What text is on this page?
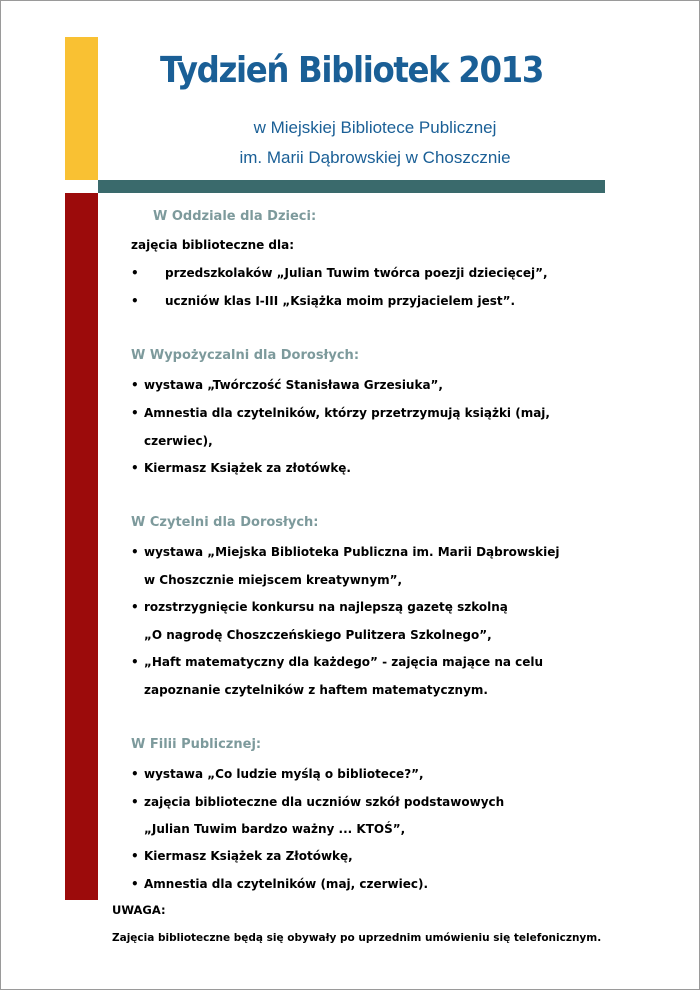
Tydzień Bibliotek 2013
w Miejskiej Bibliotece Publicznej
im. Marii Dąbrowskiej w Choszcznie
W Oddziale dla Dzieci:
zajęcia biblioteczne dla:
• przedszkolaków „Julian Tuwim twórca poezji dziecięcej”,
• uczniów klas I-III „Książka moim przyjacielem jest”.
W Wypożyczalni dla Dorosłych:
• wystawa „Twórczość Stanisława Grzesiuka”,
• Amnestia dla czytelników, którzy przetrzymują książki (maj,
czerwiec),
• Kiermasz Książek za złotówkę.
W Czytelni dla Dorosłych:
• wystawa „Miejska Biblioteka Publiczna im. Marii Dąbrowskiej
w Choszcznie miejscem kreatywnym”,
• rozstrzygnięcie konkursu na najlepszą gazetę szkolną
„O nagrodę Choszczeńskiego Pulitzera Szkolnego”,
• „Haft matematyczny dla każdego” - zajęcia mające na celu
zapoznanie czytelników z haftem matematycznym.
W Filii Publicznej:
• wystawa „Co ludzie myślą o bibliotece?”,
• zajęcia biblioteczne dla uczniów szkół podstawowych
„Julian Tuwim bardzo ważny ... KTOŚ”,
• Kiermasz Książek za Złotówkę,
• Amnestia dla czytelników (maj, czerwiec).
UWAGA:
Zajęcia biblioteczne będą się obywały po uprzednim umówieniu się telefonicznym.
